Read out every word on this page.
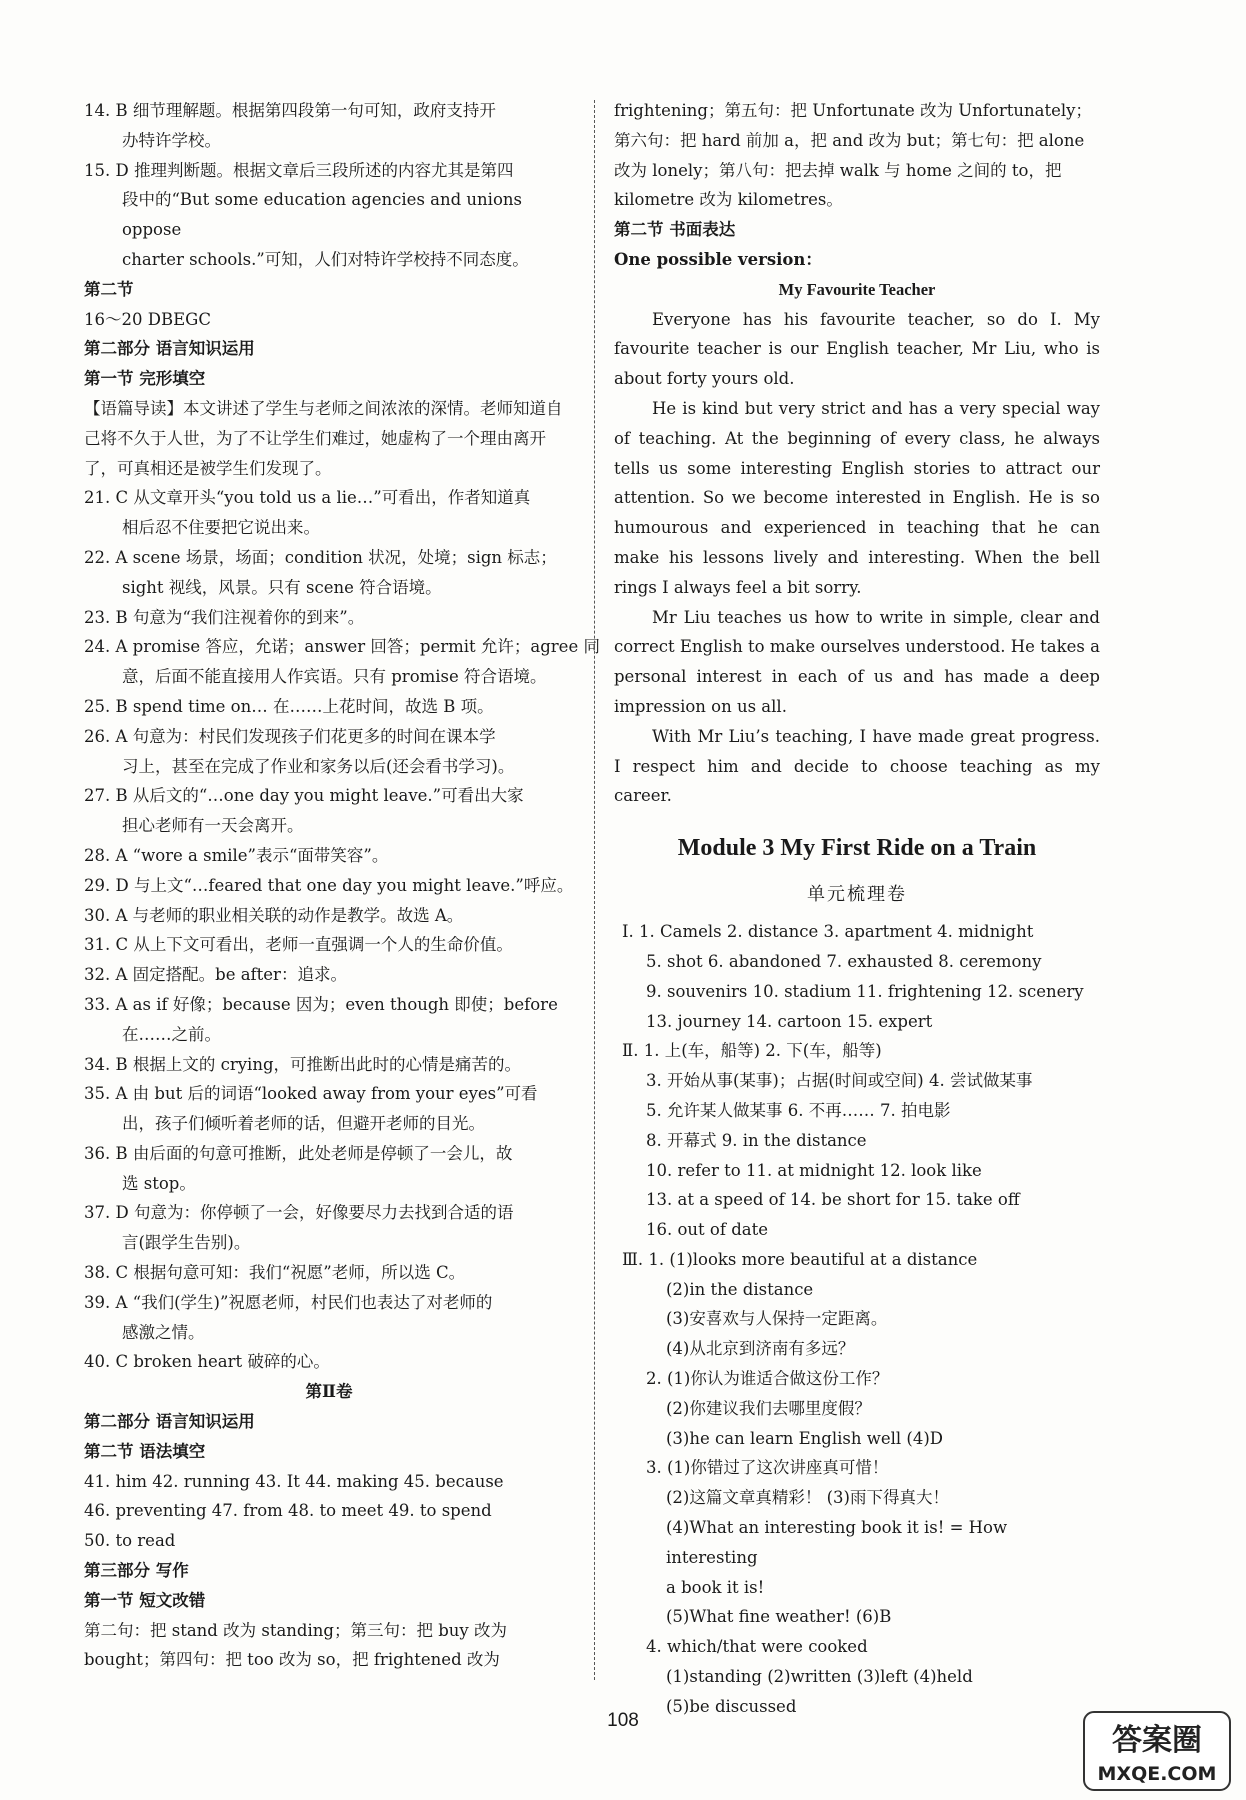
14. B 细节理解题。根据第四段第一句可知，政府支持开
办特许学校。
15. D 推理判断题。根据文章后三段所述的内容尤其是第四
段中的“But some education agencies and unions oppose
charter schools.”可知，人们对特许学校持不同态度。
第二节
16～20 DBEGC
第二部分 语言知识运用
第一节 完形填空
【语篇导读】本文讲述了学生与老师之间浓浓的深情。老师知道自己将不久于人世，为了不让学生们难过，她虚构了一个理由离开了，可真相还是被学生们发现了。
21. C 从文章开头“you told us a lie…”可看出，作者知道真
相后忍不住要把它说出来。
22. A scene 场景，场面；condition 状况，处境；sign 标志；
sight 视线，风景。只有 scene 符合语境。
23. B 句意为“我们注视着你的到来”。
24. A promise 答应，允诺；answer 回答；permit 允许；agree 同
意，后面不能直接用人作宾语。只有 promise 符合语境。
25. B spend time on… 在……上花时间，故选 B 项。
26. A 句意为：村民们发现孩子们花更多的时间在课本学
习上，甚至在完成了作业和家务以后(还会看书学习)。
27. B 从后文的“…one day you might leave.”可看出大家
担心老师有一天会离开。
28. A “wore a smile”表示“面带笑容”。
29. D 与上文“…feared that one day you might leave.”呼应。
30. A 与老师的职业相关联的动作是教学。故选 A。
31. C 从上下文可看出，老师一直强调一个人的生命价值。
32. A 固定搭配。be after：追求。
33. A as if 好像；because 因为；even though 即使；before
在……之前。
34. B 根据上文的 crying，可推断出此时的心情是痛苦的。
35. A 由 but 后的词语“looked away from your eyes”可看
出，孩子们倾听着老师的话，但避开老师的目光。
36. B 由后面的句意可推断，此处老师是停顿了一会儿，故
选 stop。
37. D 句意为：你停顿了一会，好像要尽力去找到合适的语
言(跟学生告别)。
38. C 根据句意可知：我们“祝愿”老师，所以选 C。
39. A “我们(学生)”祝愿老师，村民们也表达了对老师的
感激之情。
40. C broken heart 破碎的心。
第Ⅱ卷
第二部分 语言知识运用
第二节 语法填空
41. him 42. running 43. It 44. making 45. because
46. preventing 47. from 48. to meet 49. to spend
50. to read
第三部分 写作
第一节 短文改错
第二句：把 stand 改为 standing；第三句：把 buy 改为 bought；第四句：把 too 改为 so，把 frightened 改为
frightening；第五句：把 Unfortunate 改为 Unfortunately；第六句：把 hard 前加 a，把 and 改为 but；第七句：把 alone 改为 lonely；第八句：把去掉 walk 与 home 之间的 to，把 kilometre 改为 kilometres。
第二节 书面表达
One possible version：
My Favourite Teacher
Everyone has his favourite teacher, so do I. My favourite teacher is our English teacher, Mr Liu, who is about forty yours old.
He is kind but very strict and has a very special way of teaching. At the beginning of every class, he always tells us some interesting English stories to attract our attention. So we become interested in English. He is so humourous and experienced in teaching that he can make his lessons lively and interesting. When the bell rings I always feel a bit sorry.
Mr Liu teaches us how to write in simple, clear and correct English to make ourselves understood. He takes a personal interest in each of us and has made a deep impression on us all.
With Mr Liu’s teaching, I have made great progress. I respect him and decide to choose teaching as my career.
Module 3 My First Ride on a Train
单元梳理卷
Ⅰ. 1. Camels 2. distance 3. apartment 4. midnight
5. shot 6. abandoned 7. exhausted 8. ceremony
9. souvenirs 10. stadium 11. frightening 12. scenery
13. journey 14. cartoon 15. expert
Ⅱ. 1. 上(车，船等) 2. 下(车，船等)
3. 开始从事(某事)；占据(时间或空间) 4. 尝试做某事
5. 允许某人做某事 6. 不再…… 7. 拍电影
8. 开幕式 9. in the distance
10. refer to 11. at midnight 12. look like
13. at a speed of 14. be short for 15. take off
16. out of date
Ⅲ. 1. (1)looks more beautiful at a distance
(2)in the distance
(3)安喜欢与人保持一定距离。
(4)从北京到济南有多远？
2. (1)你认为谁适合做这份工作？
(2)你建议我们去哪里度假？
(3)he can learn English well (4)D
3. (1)你错过了这次讲座真可惜！
(2)这篇文章真精彩！ (3)雨下得真大！
(4)What an interesting book it is! = How interesting
a book it is!
(5)What fine weather! (6)B
4. which/that were cooked
(1)standing (2)written (3)left (4)held
(5)be discussed
108
答案圈
MXQE.COM
